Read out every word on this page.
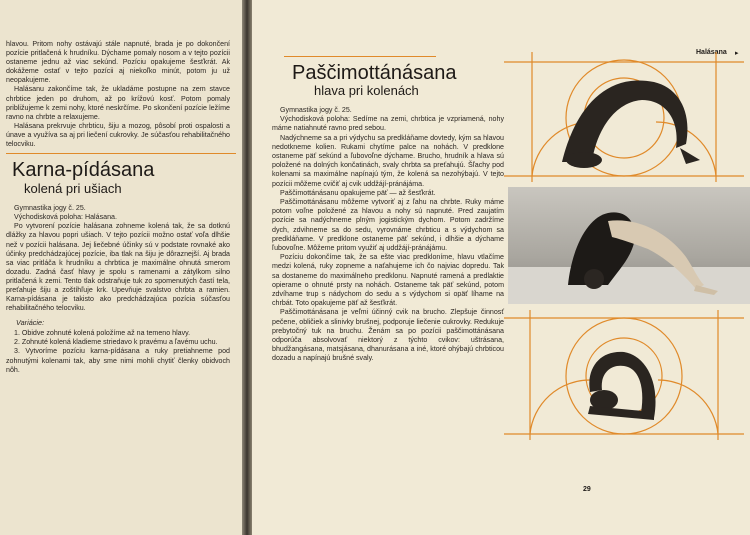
hlavou. Pritom nohy ostávajú stále napnuté, brada je po dokončení pozície pritlačená k hrudníku. Dýchame pomaly nosom a v tejto pozícii ostaneme jednu až viac sekúnd. Pozíciu opakujeme šesťkrát. Ak dokážeme ostať v tejto pozícii aj niekoľko minút, potom ju už neopakujeme.

Halásanu zakončíme tak, že ukladáme postupne na zem stavce chrbtice jeden po druhom, až po krížovú kosť. Potom pomaly približujeme k zemi nohy, ktoré neskrčíme. Po skončení pozície ležíme ravno na chrbte a relaxujeme.

Halásana prekrvuje chrbticu, šiju a mozog, pôsobí proti ospalosti a únave a využíva sa aj pri liečení cukrovky. Je súčasťou rehabilitačného telocviku.

Karna-pídásana
kolená pri ušiach

Gymnastika jogy č. 25.

Východisková poloha: Halásana.

Po vytvorení pozície halásana zohneme kolená tak, že sa dotknú dlážky za hlavou popri ušiach. V tejto pozícii možno ostať voľa dlhšie než v pozícii halásana. Jej liečebné účinky sú v podstate rovnaké ako účinky predchádzajúcej pozície, iba tlak na šiju je dôraznejší. Aj brada sa viac pritláča k hrudníku a chrbtica je maximálne ohnutá smerom dozadu. Zadná časť hlavy je spolu s ramenami a zátylkom silno pritlačená k zemi. Tento tlak odstraňuje tuk zo spomenutých častí tela, preťahuje šiju a zoštíhľuje krk. Upevňuje svalstvo chrbta a ramien. Karna-pídásana je takisto ako predchádzajúca pozícia súčasťou rehabilitačného telocviku.

Variácie:

1. Obidve zohnuté kolená položíme až na temeno hlavy.

2. Zohnuté kolená kladieme striedavo k pravému a ľavému uchu.

3. Vytvoríme pozíciu karna-pídásana a ruky pretiahneme pod zohnutými kolenami tak, aby sme nimi mohli chytiť členky obidvoch nôh.

Halásana ▸
Paščimottánásana
hlava pri kolenách

Gymnastika jogy č. 25.

Východisková poloha: Sedíme na zemi, chrbtica je vzpriamená, nohy máme natiahnuté ravno pred sebou.

Nadýchneme sa a pri výdychu sa predkláňame dovtedy, kým sa hlavou nedotkneme kolien. Rukami chytíme palce na nohách. V predklone ostaneme päť sekúnd a ľubovoľne dýchame. Brucho, hrudník a hlava sú položené na dolných končatinách, svaly chrbta sa preťahujú. Šľachy pod kolenami sa maximálne napínajú tým, že kolená sa nezohýbajú. V tejto pozícii môžeme cvičiť aj cvik uddžájí-pránájáma.

Paščimottánásanu opakujeme päť — až šesťkrát.

Paščimottánásanu môžeme vytvoriť aj z ľahu na chrbte. Ruky máme potom voľne položené za hlavou a nohy sú napnuté. Pred zaujatím pozície sa nadýchneme plným jogistickým dychom. Potom zadržíme dych, zdvihneme sa do sedu, vyrovnáme chrbticu a s výdychom sa predkláňame. V predklone ostaneme päť sekúnd, i dlhšie a dýchame ľubovoľne. Môžeme pritom využiť aj uddžájí-pránájámu.

Pozíciu dokončíme tak, že sa ešte viac predkloníme, hlavu vtlačíme medzi kolená, ruky zopneme a naťahujeme ich čo najviac dopredu. Tak sa dostaneme do maximálneho predklonu. Napnuté ramená a predlaktie opierame o ohnuté prsty na nohách. Ostaneme tak päť sekúnd, potom zdvíhame trup s nádychom do sedu a s výdychom si opäť líhame na chrbát. Toto opakujeme päť až šesťkrát.

Paščimottánásana je veľmi účinný cvik na brucho. Zlepšuje činnosť pečene, obličiek a slinivky brušnej, podporuje liečenie cukrovky. Redukuje prebytočný tuk na bruchu. Ženám sa po pozícii paščimottánásana odporúča absolvovať niektorý z týchto cvikov: uštrásana, bhudžangásana, matsjásana, dhanurásana a iné, ktoré ohýbajú chrbticou dozadu a napínajú brušné svaly.

29
